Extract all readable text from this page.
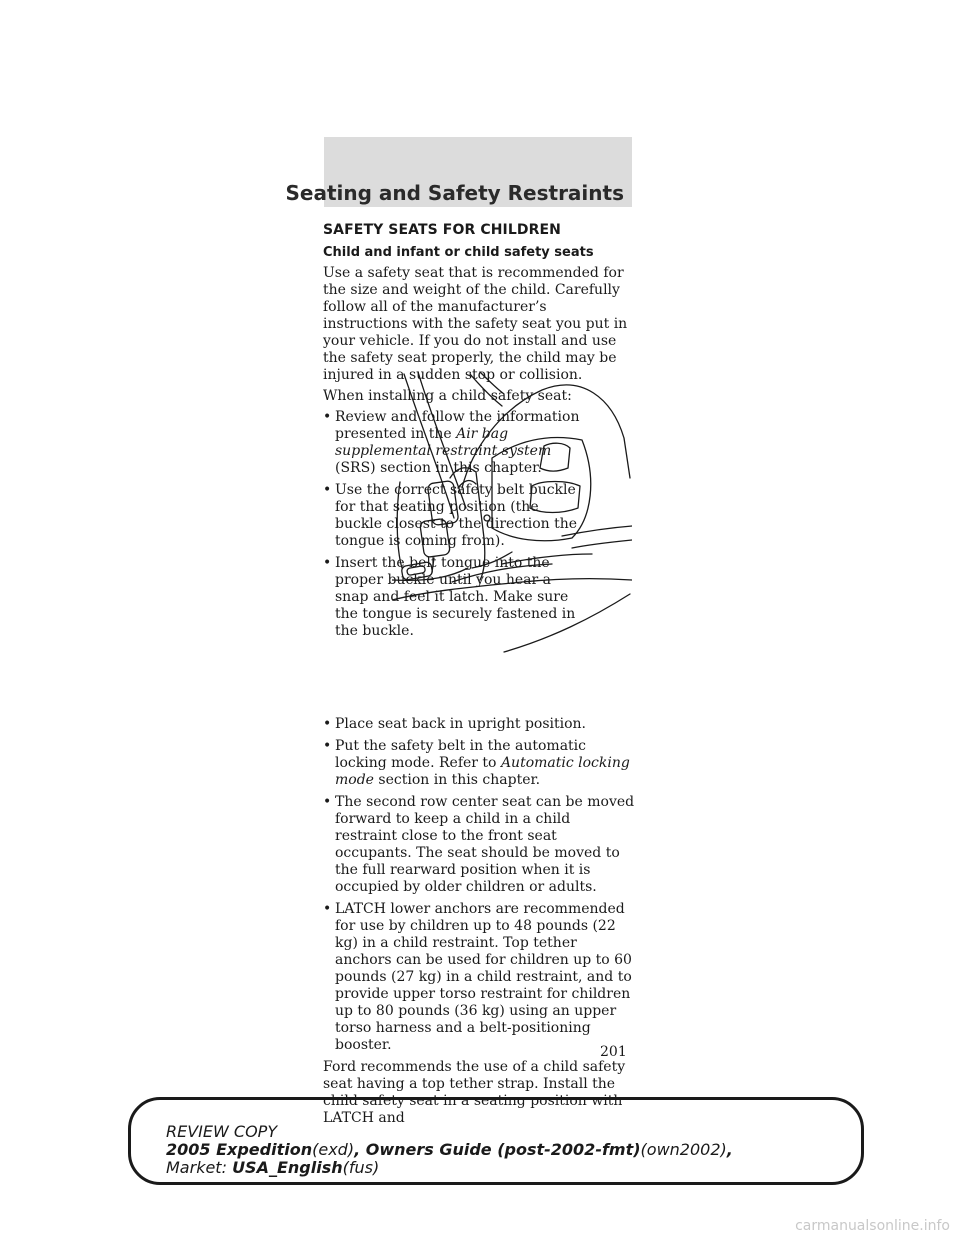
Seating and Safety Restraints
SAFETY SEATS FOR CHILDREN
Child and infant or child safety seats

Use a safety seat that is recommended for the size and weight of the child. Carefully follow all of the manufacturer’s instructions with the safety seat you put in your vehicle. If you do not install and use the safety seat properly, the child may be injured in a sudden stop or collision.

When installing a child safety seat:

• Review and follow the information presented in the Air bag supplemental restraint system (SRS) section in this chapter.
• Use the correct safety belt buckle for that seating position (the buckle closest to the direction the tongue is coming from).
• Insert the belt tongue into the proper buckle until you hear a snap and feel it latch. Make sure the tongue is securely fastened in the buckle.
• Place seat back in upright position.
• Put the safety belt in the automatic locking mode. Refer to Automatic locking mode section in this chapter.
• The second row center seat can be moved forward to keep a child in a child restraint close to the front seat occupants. The seat should be moved to the full rearward position when it is occupied by older children or adults.
• LATCH lower anchors are recommended for use by children up to 48 pounds (22 kg) in a child restraint. Top tether anchors can be used for children up to 60 pounds (27 kg) in a child restraint, and to provide upper torso restraint for children up to 80 pounds (36 kg) using an upper torso harness and a belt-positioning booster.

Ford recommends the use of a child safety seat having a top tether strap. Install the child safety seat in a seating position with LATCH and

201
REVIEW COPY
2005 Expedition(exd), Owners Guide (post-2002-fmt)(own2002),
Market: USA_English(fus)
carmanualsonline.info
